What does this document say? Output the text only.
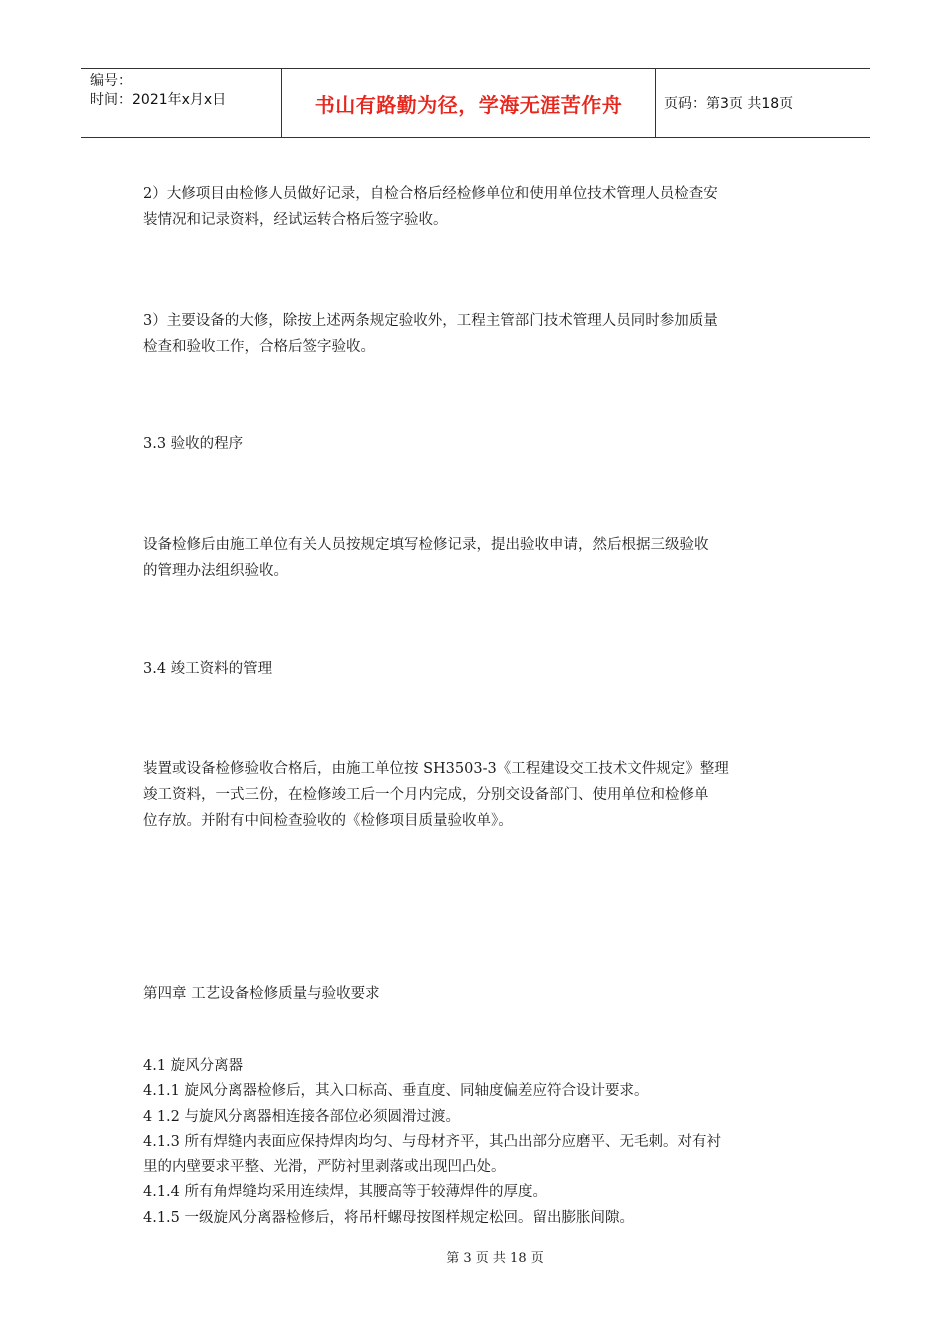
编号：
时间：2021年x月x日	书山有路勤为径，学海无涯苦作舟	页码：第3页 共18页
2）大修项目由检修人员做好记录，自检合格后经检修单位和使用单位技术管理人员检查安
装情况和记录资料，经试运转合格后签字验收。
3）主要设备的大修，除按上述两条规定验收外，工程主管部门技术管理人员同时参加质量
检查和验收工作，合格后签字验收。
3.3 验收的程序
设备检修后由施工单位有关人员按规定填写检修记录，提出验收申请，然后根据三级验收
的管理办法组织验收。
3.4 竣工资料的管理
装置或设备检修验收合格后，由施工单位按 SH3503-3《工程建设交工技术文件规定》整理
竣工资料，一式三份，在检修竣工后一个月内完成，分别交设备部门、使用单位和检修单
位存放。并附有中间检查验收的《检修项目质量验收单》。
第四章 工艺设备检修质量与验收要求
4.1 旋风分离器
4.1.1 旋风分离器检修后，其入口标高、垂直度、同轴度偏差应符合设计要求。
4 1.2 与旋风分离器相连接各部位必须圆滑过渡。
4.1.3 所有焊缝内表面应保持焊肉均匀、与母材齐平，其凸出部分应磨平、无毛刺。对有衬
里的内壁要求平整、光滑，严防衬里剥落或出现凹凸处。
4.1.4 所有角焊缝均采用连续焊，其腰高等于较薄焊件的厚度。
4.1.5 一级旋风分离器检修后，将吊杆螺母按图样规定松回。留出膨胀间隙。
第 3 页 共 18 页
